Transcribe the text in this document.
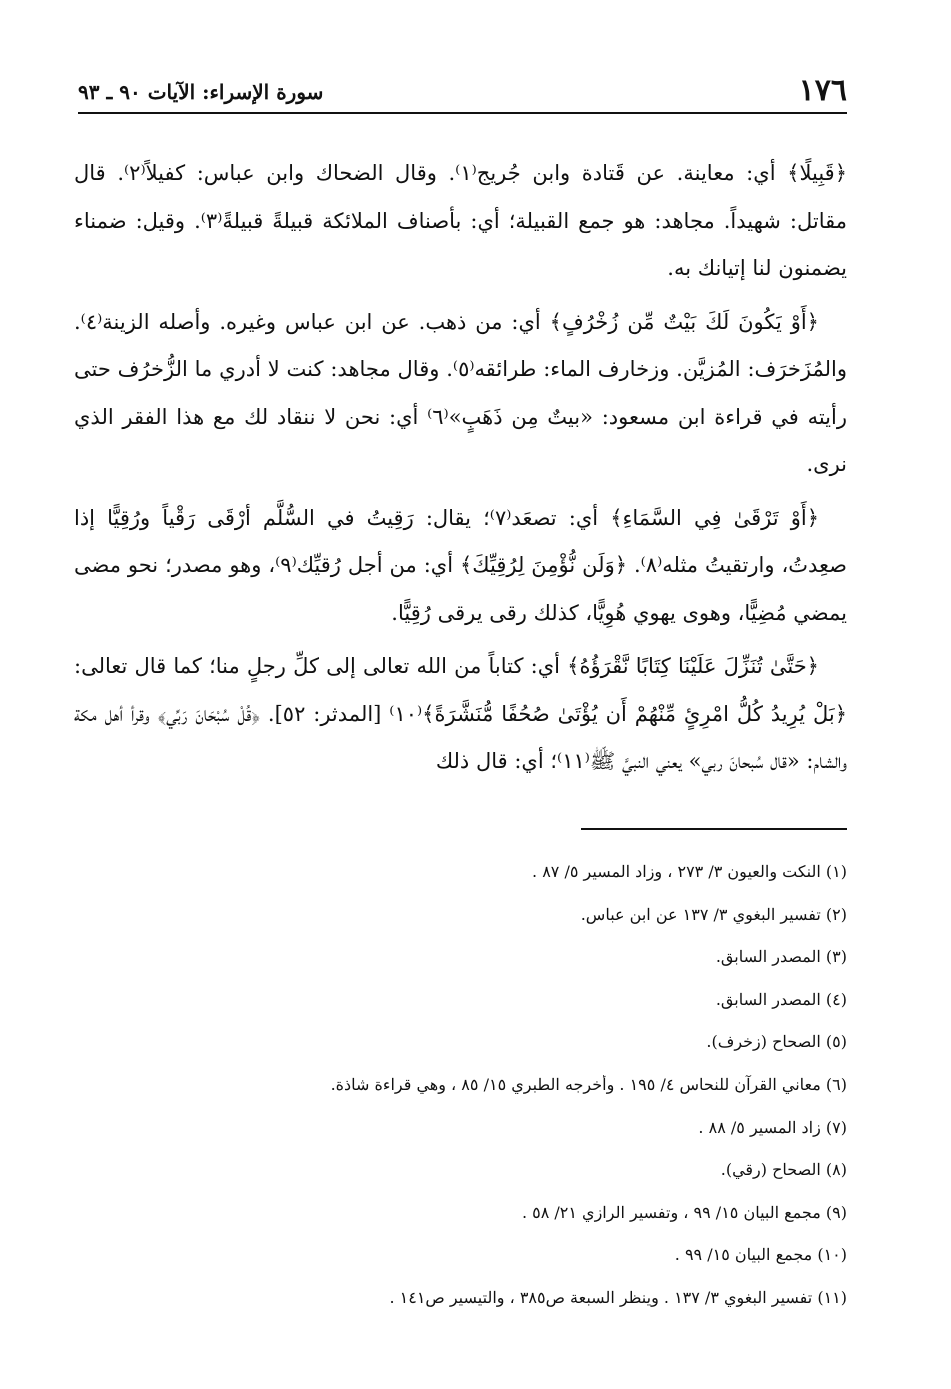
١٧٦
سورة الإسراء: الآيات ٩٠ ـ ٩٣

﴿قَبِيلًا﴾ أي: معاينة. عن قَتادة وابن جُريج⁽١⁾. وقال الضحاك وابن عباس: كفيلاً⁽٢⁾. قال مقاتل: شهيداً. مجاهد: هو جمع القبيلة؛ أي: بأصناف الملائكة قبيلةً قبيلةً⁽٣⁾. وقيل: ضمناء يضمنون لنا إتيانك به.

﴿أَوْ يَكُونَ لَكَ بَيْتٌ مِّن زُخْرُفٍ﴾ أي: من ذهب. عن ابن عباس وغيره. وأصله الزينة⁽٤⁾. والمُزَخرَف: المُزيَّن. وزخارف الماء: طرائقه⁽٥⁾. وقال مجاهد: كنت لا أدري ما الزُّخرُف حتى رأيته في قراءة ابن مسعود: «بيتٌ مِن ذَهَبٍ»⁽٦⁾ أي: نحن لا ننقاد لك مع هذا الفقر الذي نرى.

﴿أَوْ تَرْقَىٰ فِي السَّمَاءِ﴾ أي: تصعَد⁽٧⁾؛ يقال: رَقِيتُ في السُّلَّم أرْقَى رَقْياً ورُقِيًّا إذا صعِدتُ، وارتقيتُ مثله⁽٨⁾. ﴿وَلَن نُّؤْمِنَ لِرُقِيِّكَ﴾ أي: من أجل رُقيِّك⁽٩⁾، وهو مصدر؛ نحو مضى يمضي مُضِيًّا، وهوى يهوي هُوِيًّا، كذلك رقى يرقى رُقِيًّا.

﴿حَتَّىٰ تُنَزِّلَ عَلَيْنَا كِتَابًا نَّقْرَؤُهُ﴾ أي: كتاباً من الله تعالى إلى كلِّ رجلٍ منا؛ كما قال تعالى: ﴿بَلْ يُرِيدُ كُلُّ امْرِئٍ مِّنْهُمْ أَن يُؤْتَىٰ صُحُفًا مُّنَشَّرَةً﴾⁽١٠⁾ [المدثر: ٥٢]. ﴿قُلْ سُبْحَانَ رَبِّي﴾ وقرأ أهل مكة والشام: «قال سُبحانَ ربي» يعني النبيَّ ﷺ⁽١١⁾؛ أي: قال ذلك

(١) النكت والعيون ٣/ ٢٧٣ ، وزاد المسير ٥/ ٨٧ .
(٢) تفسير البغوي ٣/ ١٣٧ عن ابن عباس.
(٣) المصدر السابق.
(٤) المصدر السابق.
(٥) الصحاح (زخرف).
(٦) معاني القرآن للنحاس ٤/ ١٩٥ . وأخرجه الطبري ١٥/ ٨٥ ، وهي قراءة شاذة.
(٧) زاد المسير ٥/ ٨٨ .
(٨) الصحاح (رقي).
(٩) مجمع البيان ١٥/ ٩٩ ، وتفسير الرازي ٢١/ ٥٨ .
(١٠) مجمع البيان ١٥/ ٩٩ .
(١١) تفسير البغوي ٣/ ١٣٧ . وينظر السبعة ص٣٨٥ ، والتيسير ص١٤١ .
